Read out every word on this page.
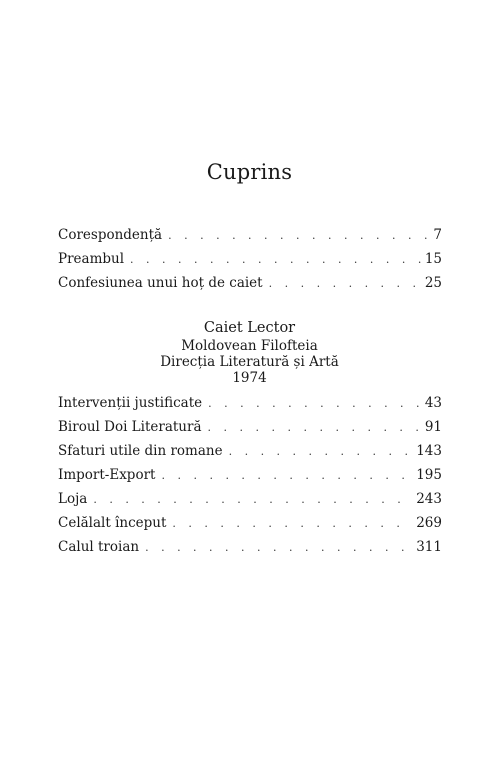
Cuprins
Corespondență . . .	7
Preambul . . .	15
Confesiunea unui hoț de caiet . . .	25
Caiet Lector
Moldovean Filofteia
Direcția Literatură și Artă
1974
Intervenții justificate . . .	43
Biroul Doi Literatură . . .	91
Sfaturi utile din romane . . .	143
Import-Export . . .	195
Loja . . .	243
Celălalt început . . .	269
Calul troian . . .	311
